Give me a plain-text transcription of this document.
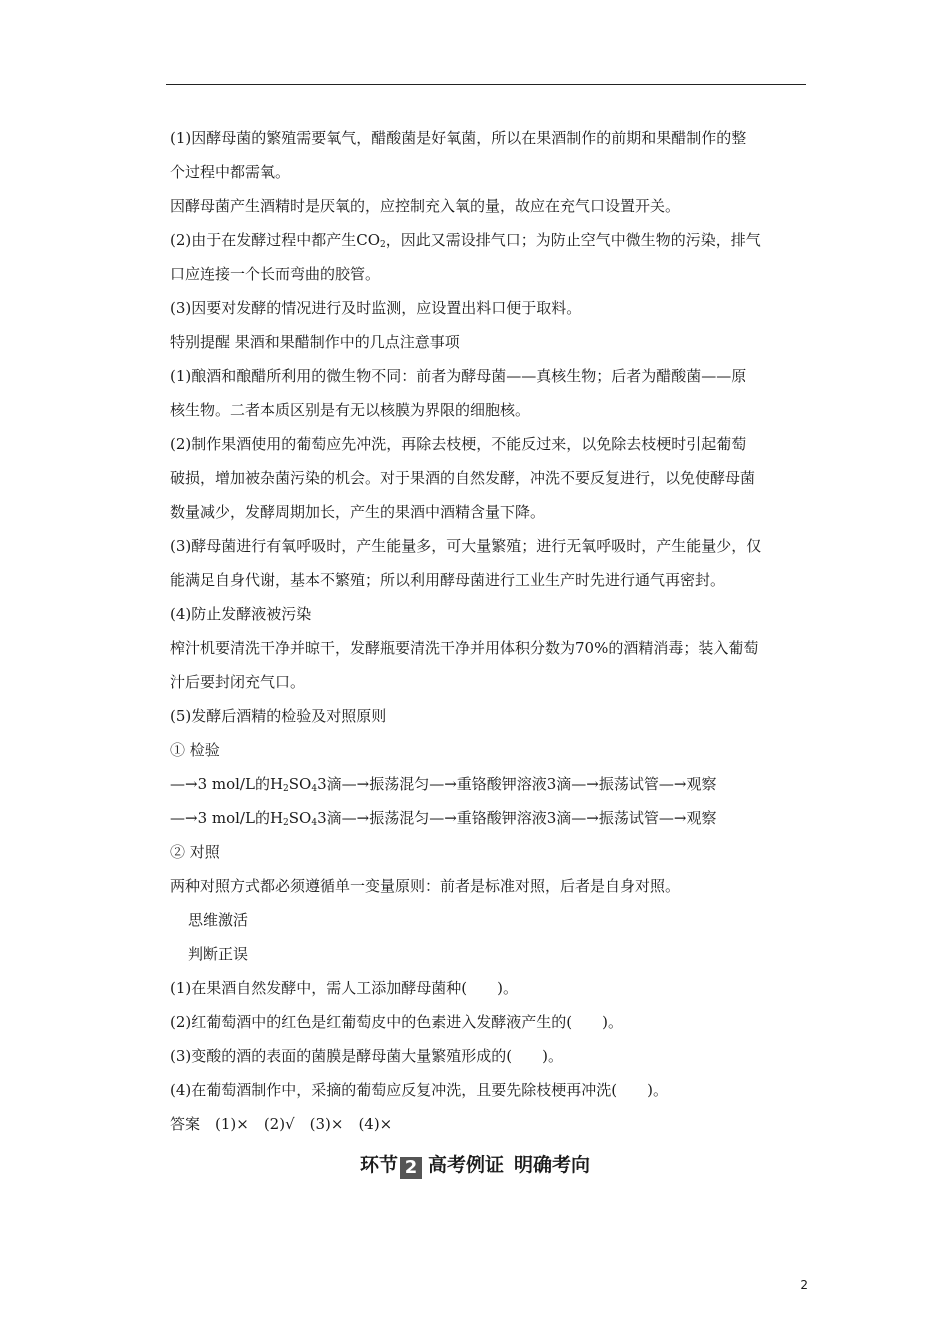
(1)因酵母菌的繁殖需要氧气，醋酸菌是好氧菌，所以在果酒制作的前期和果醋制作的整
个过程中都需氧。
因酵母菌产生酒精时是厌氧的，应控制充入氧的量，故应在充气口设置开关。
(2)由于在发酵过程中都产生$CO_2$，因此又需设排气口；为防止空气中微生物的污染，排气
口应连接一个长而弯曲的胶管。
(3)因要对发酵的情况进行及时监测，应设置出料口便于取料。
特别提醒 果酒和果醋制作中的几点注意事项
(1)酿酒和酿醋所利用的微生物不同：前者为酵母菌——真核生物；后者为醋酸菌——原
核生物。二者本质区别是有无以核膜为界限的细胞核。
(2)制作果酒使用的葡萄应先冲洗，再除去枝梗，不能反过来，以免除去枝梗时引起葡萄
破损，增加被杂菌污染的机会。对于果酒的自然发酵，冲洗不要反复进行，以免使酵母菌
数量减少，发酵周期加长，产生的果酒中酒精含量下降。
(3)酵母菌进行有氧呼吸时，产生能量多，可大量繁殖；进行无氧呼吸时，产生能量少，仅
能满足自身代谢，基本不繁殖；所以利用酵母菌进行工业生产时先进行通气再密封。
(4)防止发酵液被污染
榨汁机要清洗干净并晾干，发酵瓶要清洗干净并用体积分数为70%的酒精消毒；装入葡萄
汁后要封闭充气口。
(5)发酵后酒精的检验及对照原则
① 检验
—→3 mol/L的$H_2SO_43$滴—→振荡混匀—→重铬酸钾溶液3滴—→振荡试管—→观察
—→3 mol/L的$H_2SO_43$滴—→振荡混匀—→重铬酸钾溶液3滴—→振荡试管—→观察
② 对照
两种对照方式都必须遵循单一变量原则：前者是标准对照，后者是自身对照。
思维激活
判断正误
(1)在果酒自然发酵中，需人工添加酵母菌种(　　)。
(2)红葡萄酒中的红色是红葡萄皮中的色素进入发酵液产生的(　　)。
(3)变酸的酒的表面的菌膜是酵母菌大量繁殖形成的(　　)。
(4)在葡萄酒制作中，采摘的葡萄应反复冲洗，且要先除枝梗再冲洗(　　)。
答案　(1)×　(2)√　(3)×　(4)×
环节 2 高考例证 明确考向
2
